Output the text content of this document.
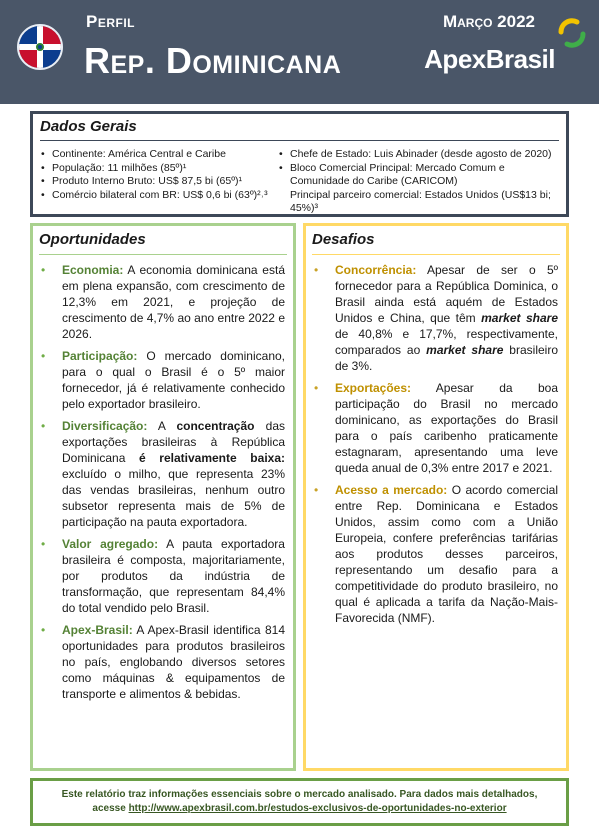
Perfil
Rep. Dominicana
Março 2022
ApexBrasil
Dados Gerais
• Continente: América Central e Caribe
• População: 11 milhões (85º)¹
• Produto Interno Bruto: US$ 87,5 bi (65º)¹
• Comércio bilateral com BR: US$ 0,6 bi (63º)²˒³
• Chefe de Estado: Luis Abinader (desde agosto de 2020)
• Bloco Comercial Principal: Mercado Comum e
Comunidade do Caribe (CARICOM)
Principal parceiro comercial: Estados Unidos (US$13 bi;
45%)³
Oportunidades
• Economia: A economia dominicana está em plena expansão, com crescimento de 12,3% em 2021, e projeção de crescimento de 4,7% ao ano entre 2022 e 2026.
• Participação: O mercado dominicano, para o qual o Brasil é o 5º maior fornecedor, já é relativamente conhecido pelo exportador brasileiro.
• Diversificação: A concentração das exportações brasileiras à República Dominicana é relativamente baixa: excluído o milho, que representa 23% das vendas brasileiras, nenhum outro subsetor representa mais de 5% de participação na pauta exportadora.
• Valor agregado: A pauta exportadora brasileira é composta, majoritariamente, por produtos da indústria de transformação, que representam 84,4% do total vendido pelo Brasil.
• Apex-Brasil: A Apex-Brasil identifica 814 oportunidades para produtos brasileiros no país, englobando diversos setores como máquinas & equipamentos de transporte e alimentos & bebidas.
Desafios
• Concorrência: Apesar de ser o 5º fornecedor para a República Dominica, o Brasil ainda está aquém de Estados Unidos e China, que têm market share de 40,8% e 17,7%, respectivamente, comparados ao market share brasileiro de 3%.
• Exportações: Apesar da boa participação do Brasil no mercado dominicano, as exportações do Brasil para o país caribenho praticamente estagnaram, apresentando uma leve queda anual de 0,3% entre 2017 e 2021.
• Acesso a mercado: O acordo comercial entre Rep. Dominicana e Estados Unidos, assim como com a União Europeia, confere preferências tarifárias aos produtos desses parceiros, representando um desafio para a competitividade do produto brasileiro, no qual é aplicada a tarifa da Nação-Mais-Favorecida (NMF).
Este relatório traz informações essenciais sobre o mercado analisado. Para dados mais detalhados,
acesse http://www.apexbrasil.com.br/estudos-exclusivos-de-oportunidades-no-exterior
